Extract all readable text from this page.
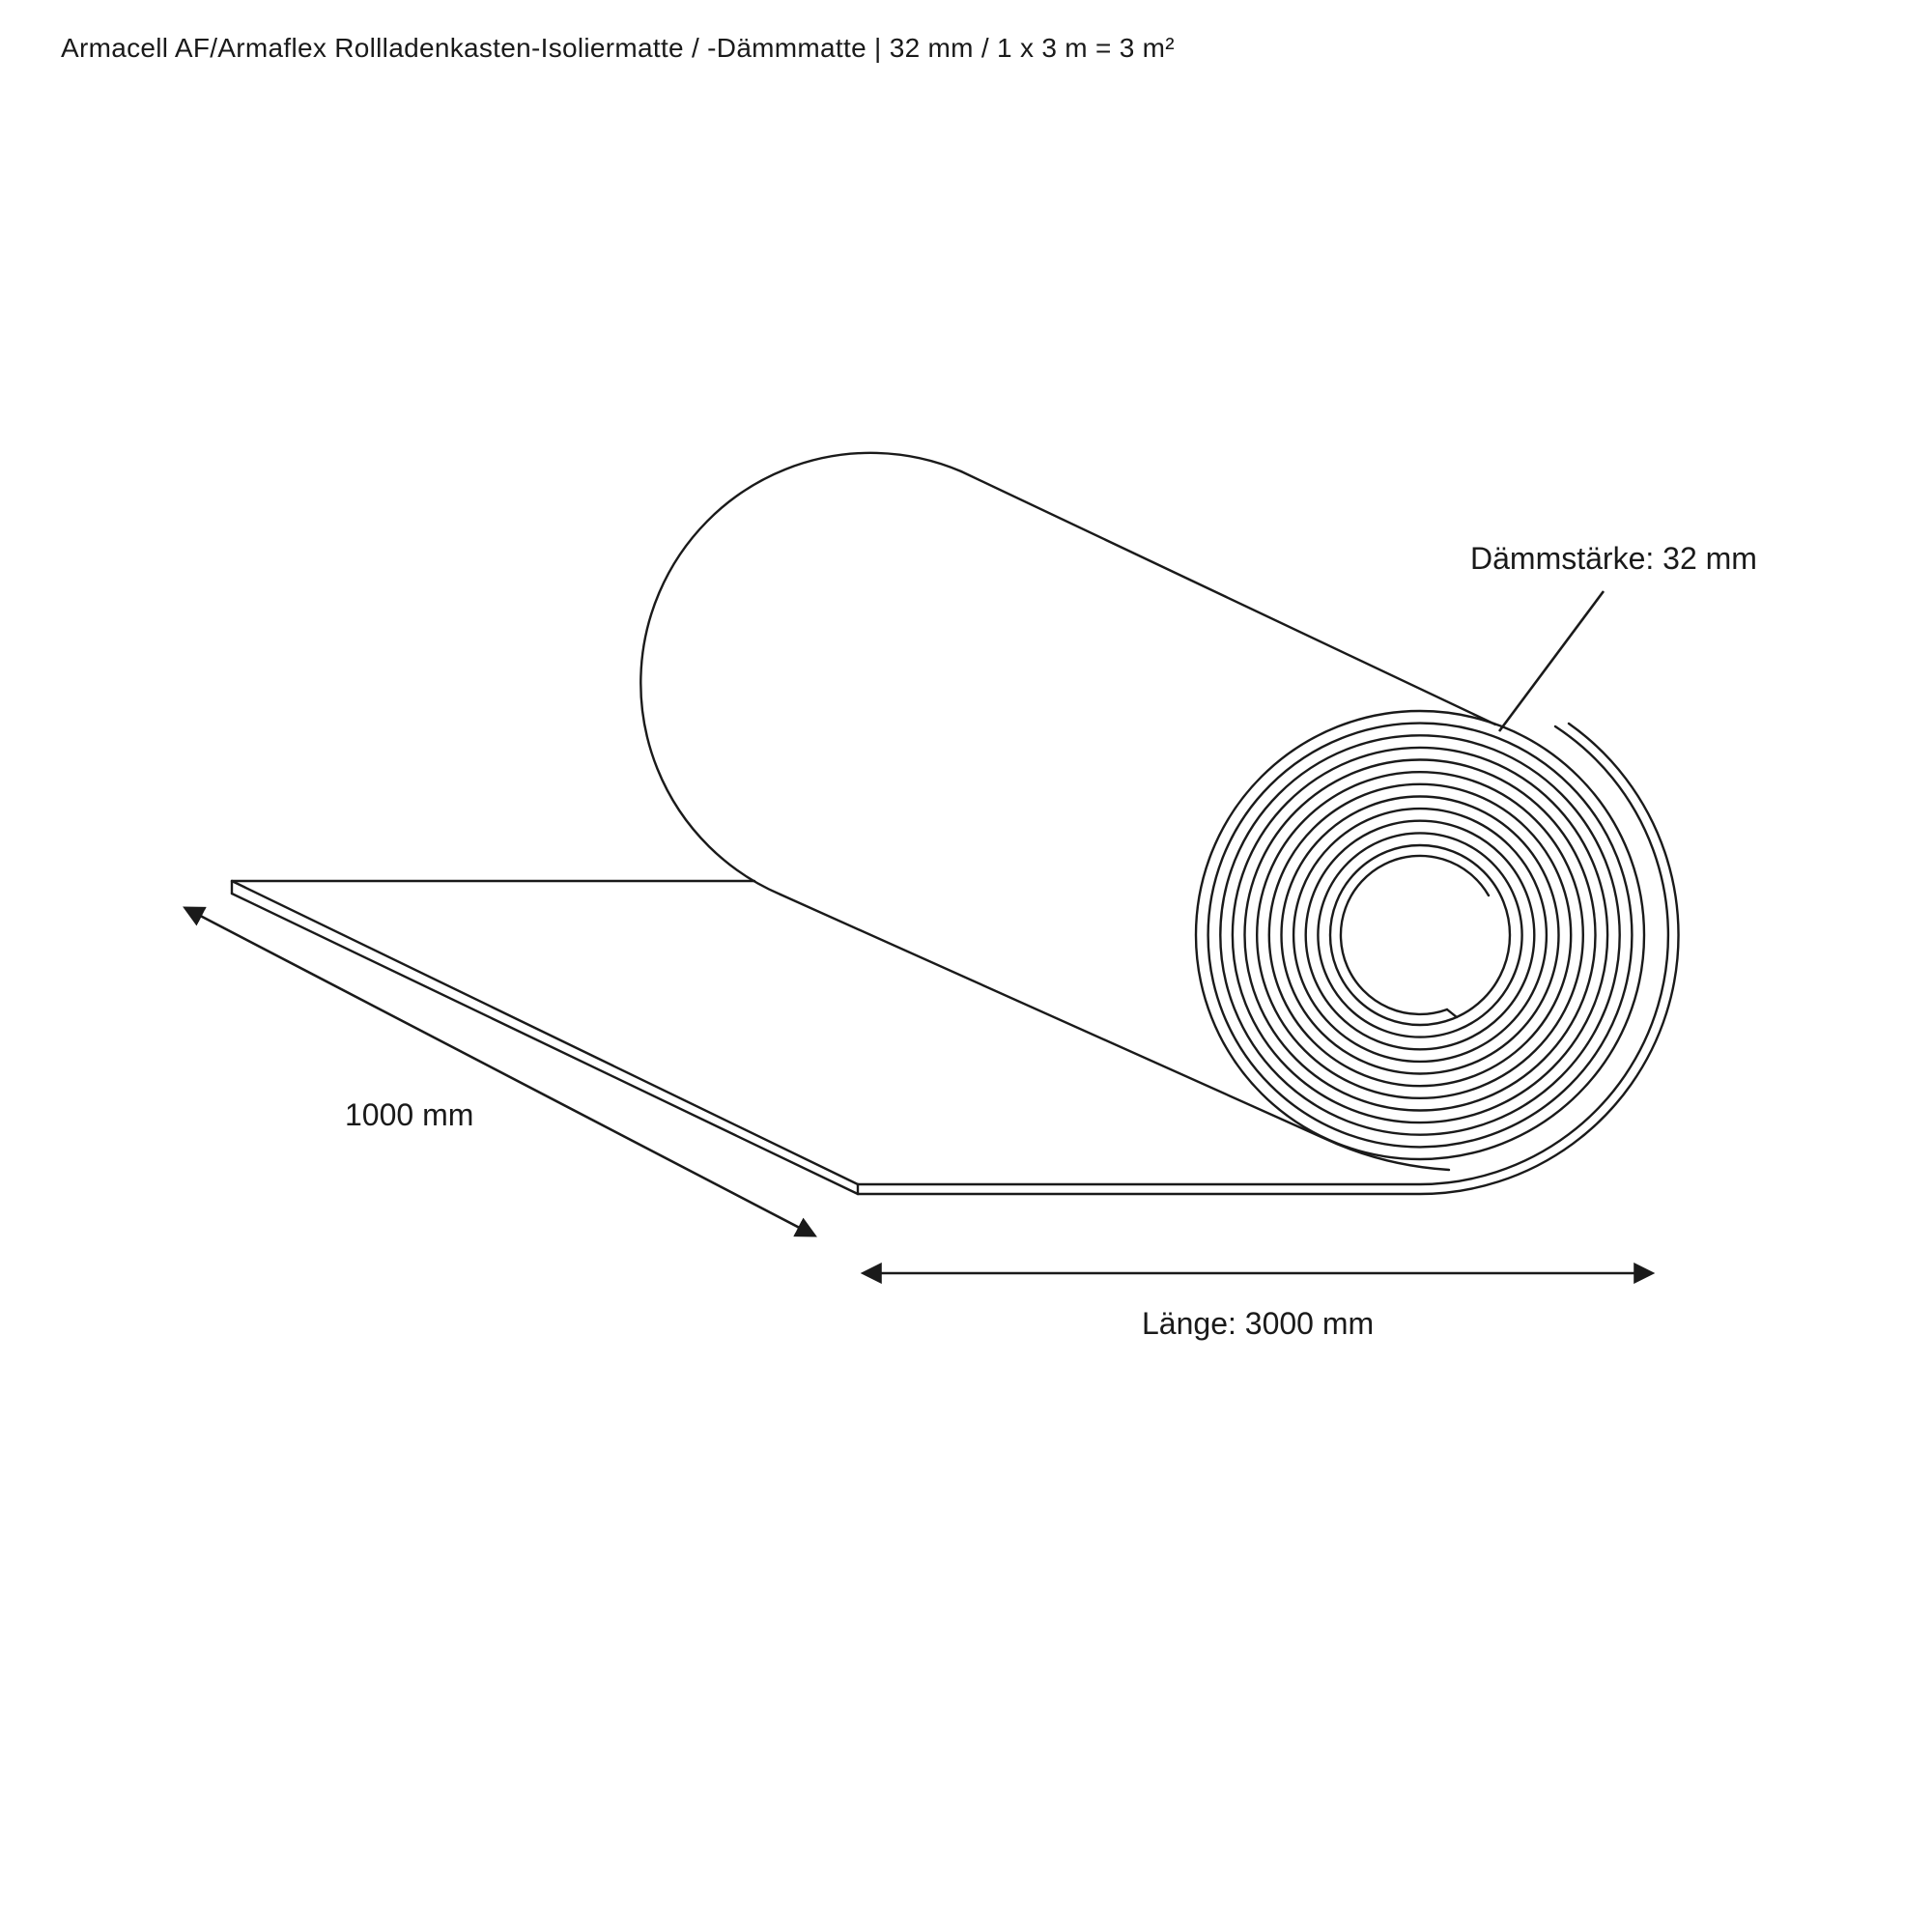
Armacell AF/Armaflex Rollladenkasten-Isoliermatte / -Dämmmatte | 32 mm / 1 x 3 m = 3 m²
Dämmstärke: 32 mm
1000 mm
Länge: 3000 mm
